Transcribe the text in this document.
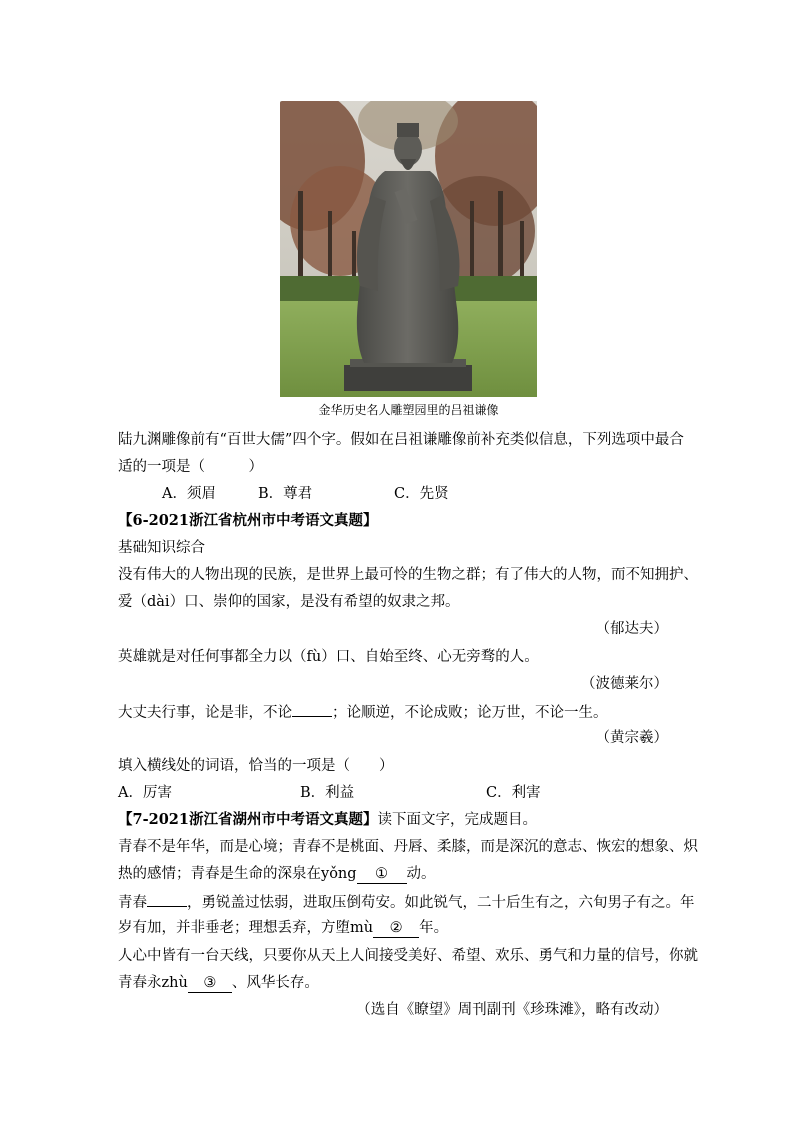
金华历史名人雕塑园里的吕祖谦像
陆九渊雕像前有“百世大儒”四个字。假如在吕祖谦雕像前补充类似信息，下列选项中最合
适的一项是（　　　）
A．须眉	B．尊君	C．先贤
【6-2021浙江省杭州市中考语文真题】
基础知识综合
没有伟大的人物出现的民族，是世界上最可怜的生物之群；有了伟大的人物，而不知拥护、
爱（dài）口、崇仰的国家，是没有希望的奴隶之邦。
（郁达夫）
英雄就是对任何事都全力以（fù）口、自始至终、心无旁骛的人。
（波德莱尔）
大丈夫行事，论是非，不论	；论顺逆，不论成败；论万世，不论一生。
（黄宗羲）
填入横线处的词语，恰当的一项是（　　）
A．厉害	B．利益	C．利害
【7-2021浙江省湖州市中考语文真题】读下面文字，完成题目。
青春不是年华，而是心境；青春不是桃面、丹唇、柔膝，而是深沉的意志、恢宏的想象、炽
热的感情；青春是生命的深泉在yǒng ① 动。
青春	，勇锐盖过怯弱，进取压倒苟安。如此锐气，二十后生有之，六旬男子有之。年
岁有加，并非垂老；理想丢弃，方堕mù ② 年。
人心中皆有一台天线，只要你从天上人间接受美好、希望、欢乐、勇气和力量的信号，你就
青春永zhù ③ 、风华长存。
（选自《瞭望》周刊副刊《珍珠滩》，略有改动）
